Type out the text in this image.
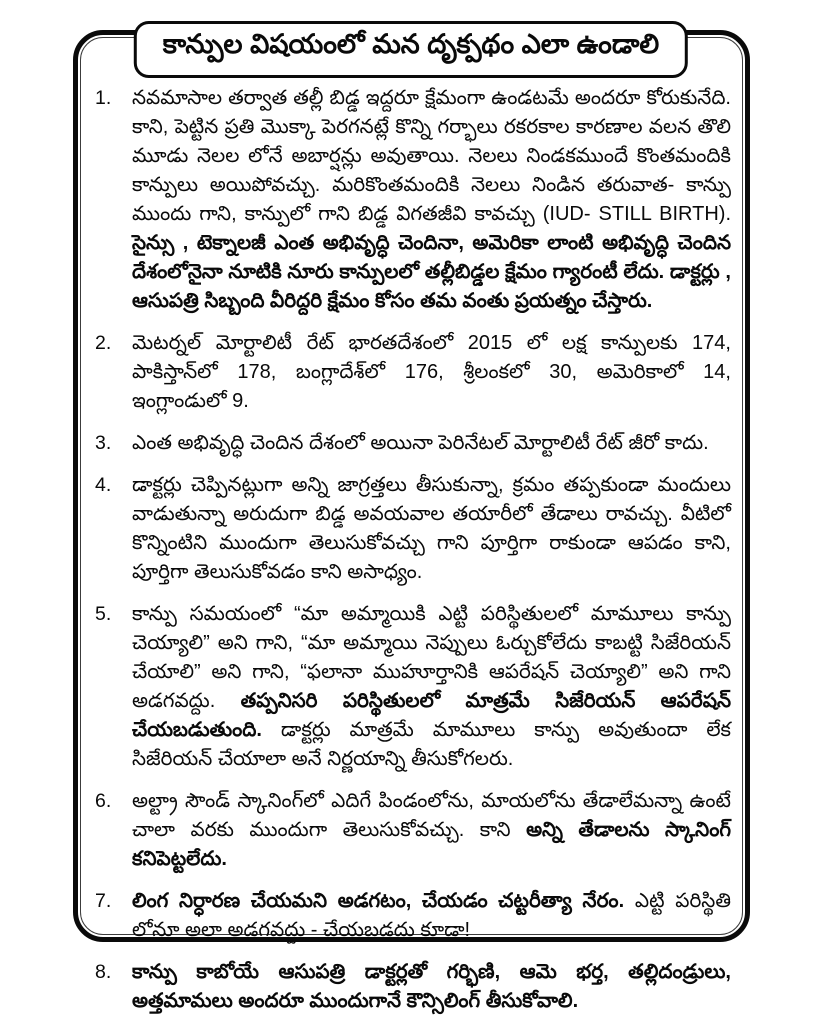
కాన్పుల విషయంలో మన దృక్పథం ఎలా ఉండాలి
1.	నవమాసాల తర్వాత తల్లీ బిడ్డ ఇద్దరూ క్షేమంగా ఉండటమే అందరూ కోరుకునేది. కాని, పెట్టిన ప్రతి మొక్కా పెరగనట్లే కొన్ని గర్భాలు రకరకాల కారణాల వలన తొలి మూడు నెలల లోనే అబార్షన్లు అవుతాయి. నెలలు నిండకముందే కొంతమందికి కాన్పులు అయిపోవచ్చు. మరికొంతమందికి నెలలు నిండిన తరువాత- కాన్పు ముందు గాని, కాన్పులో గాని బిడ్డ విగతజీవి కావచ్చు (IUD- STILL BIRTH). సైన్సు , టెక్నాలజీ ఎంత అభివృద్ధి చెందినా, అమెరికా లాంటి అభివృద్ధి చెందిన దేశంలోనైనా నూటికి నూరు కాన్పులలో తల్లీబిడ్డల క్షేమం గ్యారంటీ లేదు. డాక్టర్లు , ఆసుపత్రి సిబ్బంది వీరిద్దరి క్షేమం కోసం తమ వంతు ప్రయత్నం చేస్తారు.
2.	మెటర్నల్ మోర్టాలిటీ రేట్ భారతదేశంలో 2015 లో లక్ష కాన్పులకు 174, పాకిస్తాన్‌లో 178, బంగ్లాదేశ్‌లో 176, శ్రీలంకలో 30, అమెరికాలో 14, ఇంగ్లాండులో 9.
3.	ఎంత అభివృద్ధి చెందిన దేశంలో అయినా పెరినేటల్ మోర్టాలిటీ రేట్ జీరో కాదు.
4.	డాక్టర్లు చెప్పినట్లుగా అన్ని జాగ్రత్తలు తీసుకున్నా, క్రమం తప్పకుండా మందులు వాడుతున్నా అరుదుగా బిడ్డ అవయవాల తయారీలో తేడాలు రావచ్చు. వీటిలో కొన్నింటిని ముందుగా తెలుసుకోవచ్చు గాని పూర్తిగా రాకుండా ఆపడం కాని, పూర్తిగా తెలుసుకోవడం కాని అసాధ్యం.
5.	కాన్పు సమయంలో “మా అమ్మాయికి ఎట్టి పరిస్థితులలో మామూలు కాన్పు చెయ్యాలి” అని గాని, “మా అమ్మాయి నెప్పులు ఓర్చుకోలేదు కాబట్టి సిజేరియన్ చేయాలి” అని గాని, “ఫలానా ముహూర్తానికి ఆపరేషన్ చెయ్యాలి” అని గాని అడగవద్దు. తప్పనిసరి పరిస్థితులలో మాత్రమే సిజేరియన్ ఆపరేషన్ చేయబడుతుంది. డాక్టర్లు మాత్రమే మామూలు కాన్పు అవుతుందా లేక సిజేరియన్ చేయాలా అనే నిర్ణయాన్ని తీసుకోగలరు.
6.	అల్ట్రా సౌండ్ స్కానింగ్‌లో ఎదిగే పిండంలోను, మాయలోను తేడాలేమన్నా ఉంటే చాలా వరకు ముందుగా తెలుసుకోవచ్చు. కాని అన్ని తేడాలను స్కానింగ్ కనిపెట్టలేదు.
7.	లింగ నిర్ధారణ చేయమని అడగటం, చేయడం చట్టరీత్యా నేరం. ఎట్టి పరిస్థితి లోనూ అలా అడగవద్దు - చేయబడదు కూడా!
8.	కాన్పు కాబోయే ఆసుపత్రి డాక్టర్లతో గర్భిణి, ఆమె భర్త, తల్లిదండ్రులు, అత్తమామలు అందరూ ముందుగానే కౌన్సిలింగ్ తీసుకోవాలి.
